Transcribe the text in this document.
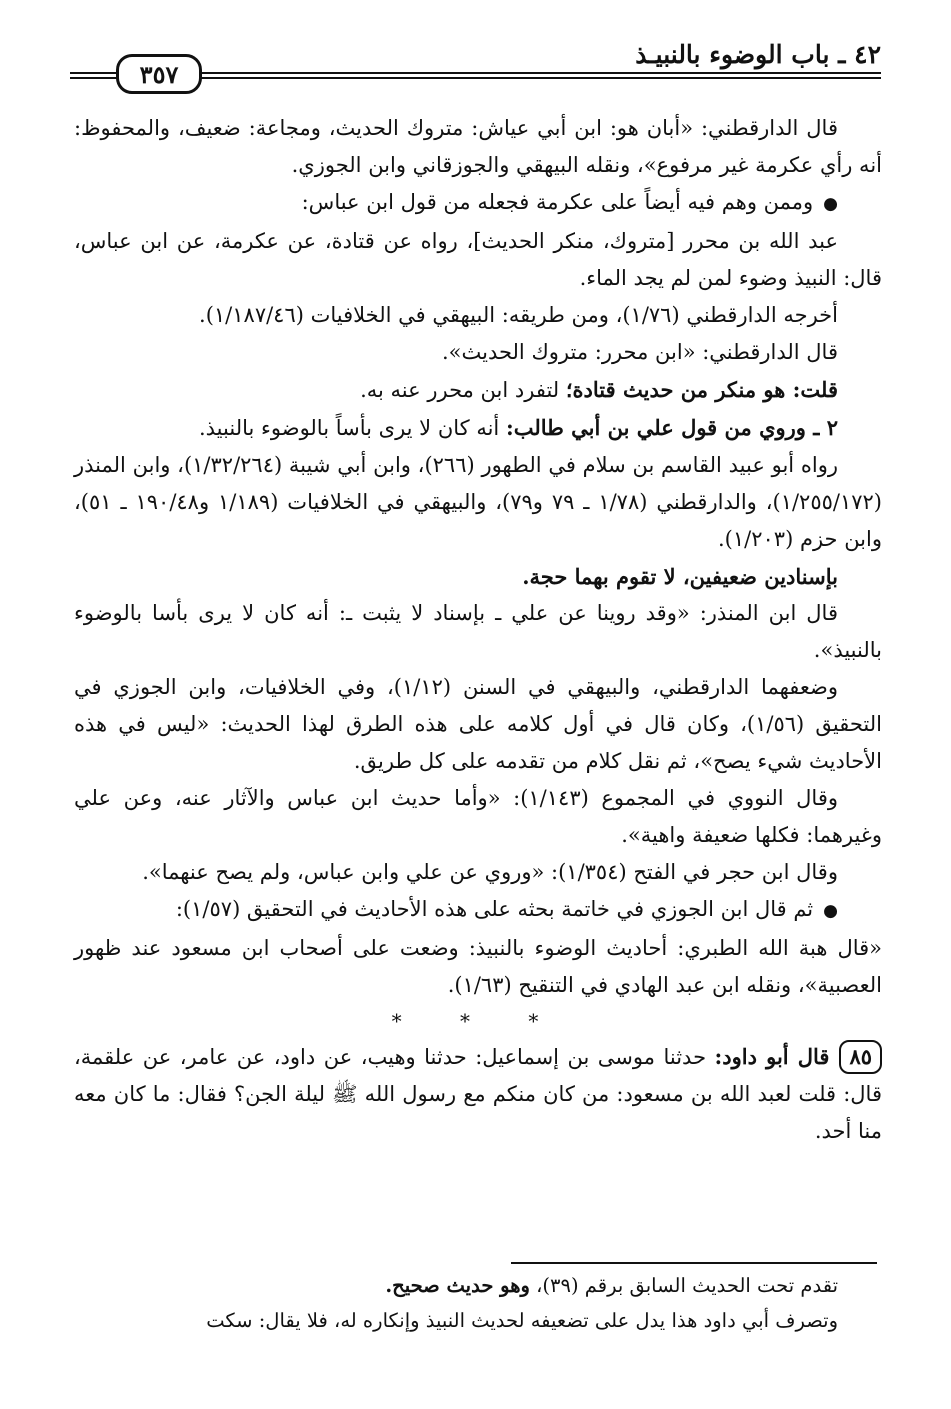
٤٢ ـ باب الوضوء بالنبيـذ
٣٥٧

قال الدارقطني: «أبان هو: ابن أبي عياش: متروك الحديث، ومجاعة: ضعيف، والمحفوظ: أنه رأي عكرمة غير مرفوع»، ونقله البيهقي والجوزقاني وابن الجوزي.

●وممن وهم فيه أيضاً على عكرمة فجعله من قول ابن عباس:

عبد الله بن محرر [متروك، منكر الحديث]، رواه عن قتادة، عن عكرمة، عن ابن عباس، قال: النبيذ وضوء لمن لم يجد الماء.

أخرجه الدارقطني (١/٧٦)، ومن طريقه: البيهقي في الخلافيات (١/١٨٧/٤٦).

قال الدارقطني: «ابن محرر: متروك الحديث».

قلت: هو منكر من حديث قتادة؛ لتفرد ابن محرر عنه به.

٢ ـ وروي من قول علي بن أبي طالب: أنه كان لا يرى بأساً بالوضوء بالنبيذ.

رواه أبو عبيد القاسم بن سلام في الطهور (٢٦٦)، وابن أبي شيبة (١/٣٢/٢٦٤)، وابن المنذر (١/٢٥٥/١٧٢)، والدارقطني (١/٧٨ ـ ٧٩ و٧٩)، والبيهقي في الخلافيات (١/١٨٩ و١٩٠/٤٨ ـ ٥١)، وابن حزم (١/٢٠٣).

بإسنادين ضعيفين، لا تقوم بهما حجة.

قال ابن المنذر: «وقد روينا عن علي ـ بإسناد لا يثبت ـ: أنه كان لا يرى بأسا بالوضوء بالنبيذ».

وضعفهما الدارقطني، والبيهقي في السنن (١/١٢)، وفي الخلافيات، وابن الجوزي في التحقيق (١/٥٦)، وكان قال في أول كلامه على هذه الطرق لهذا الحديث: «ليس في هذه الأحاديث شيء يصح»، ثم نقل كلام من تقدمه على كل طريق.

وقال النووي في المجموع (١/١٤٣): «وأما حديث ابن عباس والآثار عنه، وعن علي وغيرهما: فكلها ضعيفة واهية».

وقال ابن حجر في الفتح (١/٣٥٤): «وروي عن علي وابن عباس، ولم يصح عنهما».

●ثم قال ابن الجوزي في خاتمة بحثه على هذه الأحاديث في التحقيق (١/٥٧):

«قال هبة الله الطبري: أحاديث الوضوء بالنبيذ: وضعت على أصحاب ابن مسعود عند ظهور العصبية»، ونقله ابن عبد الهادي في التنقيح (١/٦٣).

* * *

٨٥قال أبو داود: حدثنا موسى بن إسماعيل: حدثنا وهيب، عن داود، عن عامر، عن علقمة، قال: قلت لعبد الله بن مسعود: من كان منكم مع رسول الله ﷺ ليلة الجن؟ فقال: ما كان معه منا أحد.

تقدم تحت الحديث السابق برقم (٣٩)، وهو حديث صحيح.

وتصرف أبي داود هذا يدل على تضعيفه لحديث النبيذ وإنكاره له، فلا يقال: سكت
